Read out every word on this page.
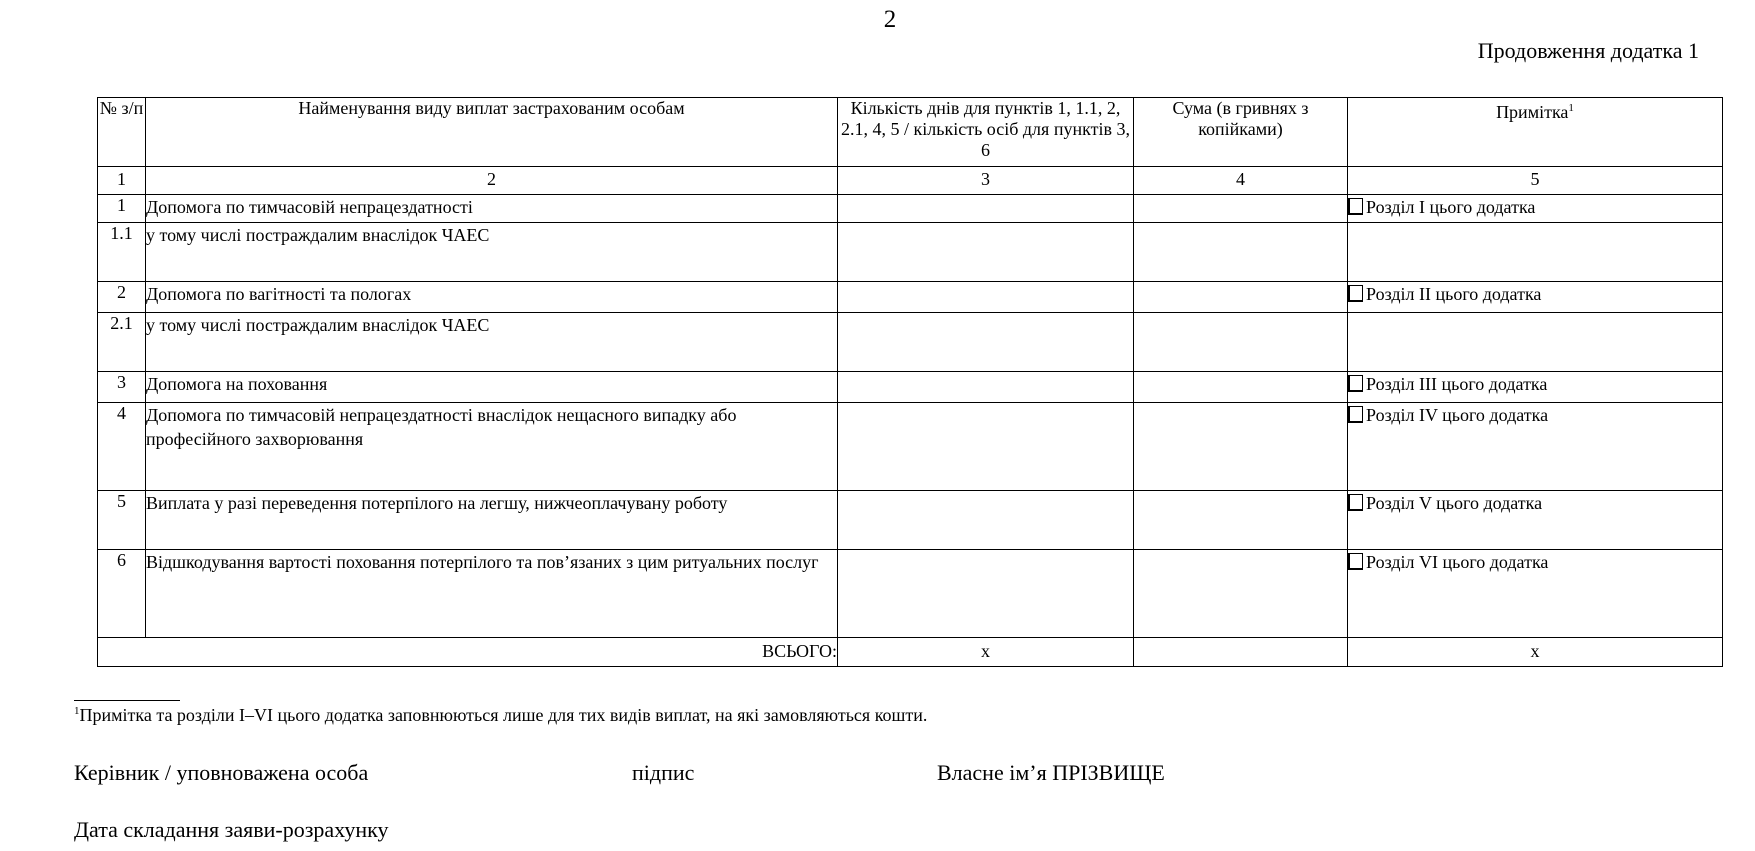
2
Продовження додатка 1
№ з/п	Найменування виду виплат застрахованим особам	Кількість днів для пунктів 1, 1.1, 2, 2.1, 4, 5 / кількість осіб для пунктів 3, 6	Сума (в гривнях з копійками)	Примітка$^1$
1	2	3	4	5
1	Допомога по тимчасовій непрацездатності			Розділ І цього додатка
1.1	у тому числі постраждалим внаслідок ЧАЕС			
2	Допомога по вагітності та пологах			Розділ ІІ цього додатка
2.1	у тому числі постраждалим внаслідок ЧАЕС			
3	Допомога на поховання			Розділ ІІІ цього додатка
4	Допомога по тимчасовій непрацездатності внаслідок нещасного випадку або професійного захворювання			Розділ ІV цього додатка
5	Виплата у разі переведення потерпілого на легшу, нижчеоплачувану роботу			Розділ V цього додатка
6	Відшкодування вартості поховання потерпілого та пов’язаних з цим ритуальних послуг			Розділ VІ цього додатка
ВСЬОГО:		x		x
$^1$Примітка та розділи І–VІ цього додатка заповнюються лише для тих видів виплат, на які замовляються кошти.
Керівник / уповноважена особа	підпис	Власне ім’я ПРІЗВИЩЕ
Дата складання заяви-розрахунку
